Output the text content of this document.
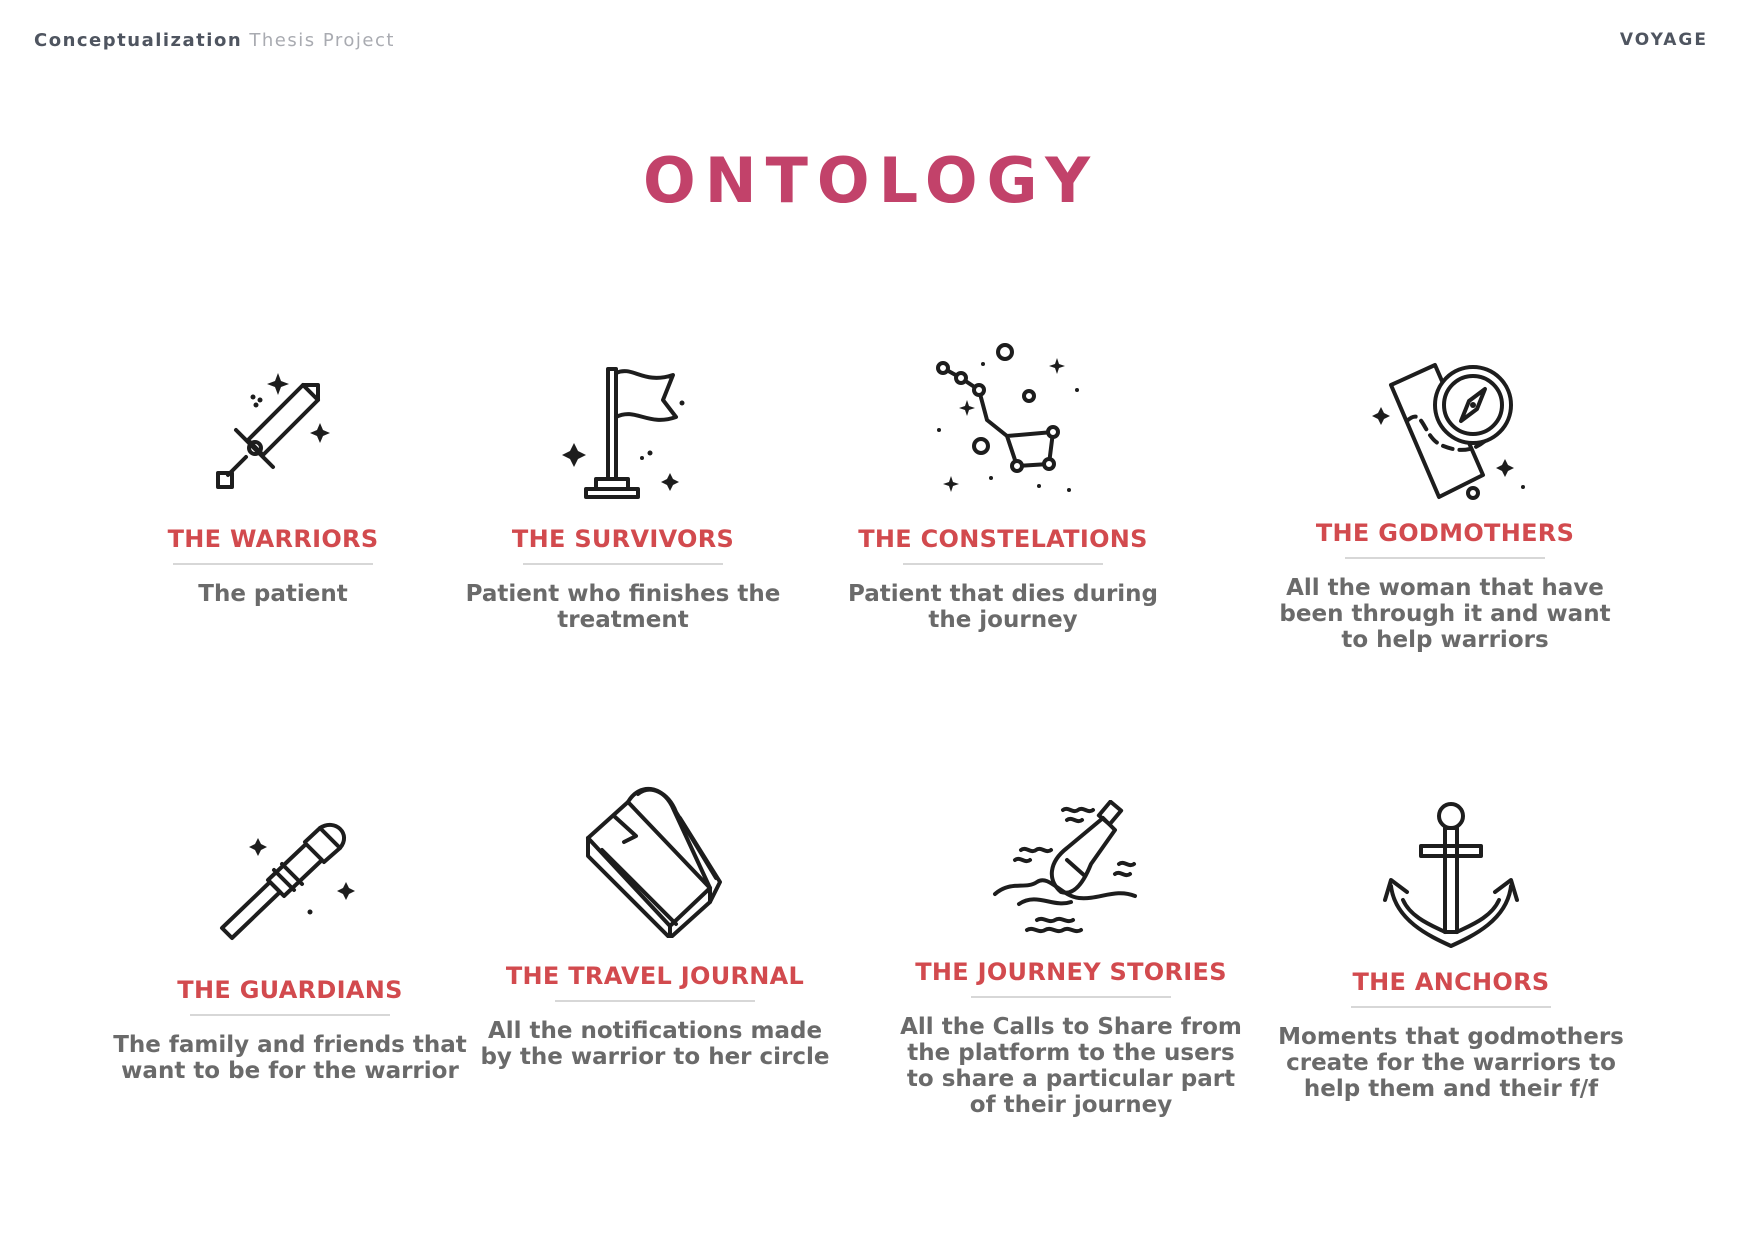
Conceptualization Thesis Project	VOYAGE
ONTOLOGY
THE WARRIORS
The patient
THE SURVIVORS
Patient who finishes the treatment
THE CONSTELATIONS
Patient that dies during the journey
THE GODMOTHERS
All the woman that have been through it and want to help warriors
THE GUARDIANS
The family and friends that want to be for the warrior
THE TRAVEL JOURNAL
All the notifications made by the warrior to her circle
THE JOURNEY STORIES
All the Calls to Share from the platform to the users to share a particular part of their journey
THE ANCHORS
Moments that godmothers create for the warriors to help them and their f/f
